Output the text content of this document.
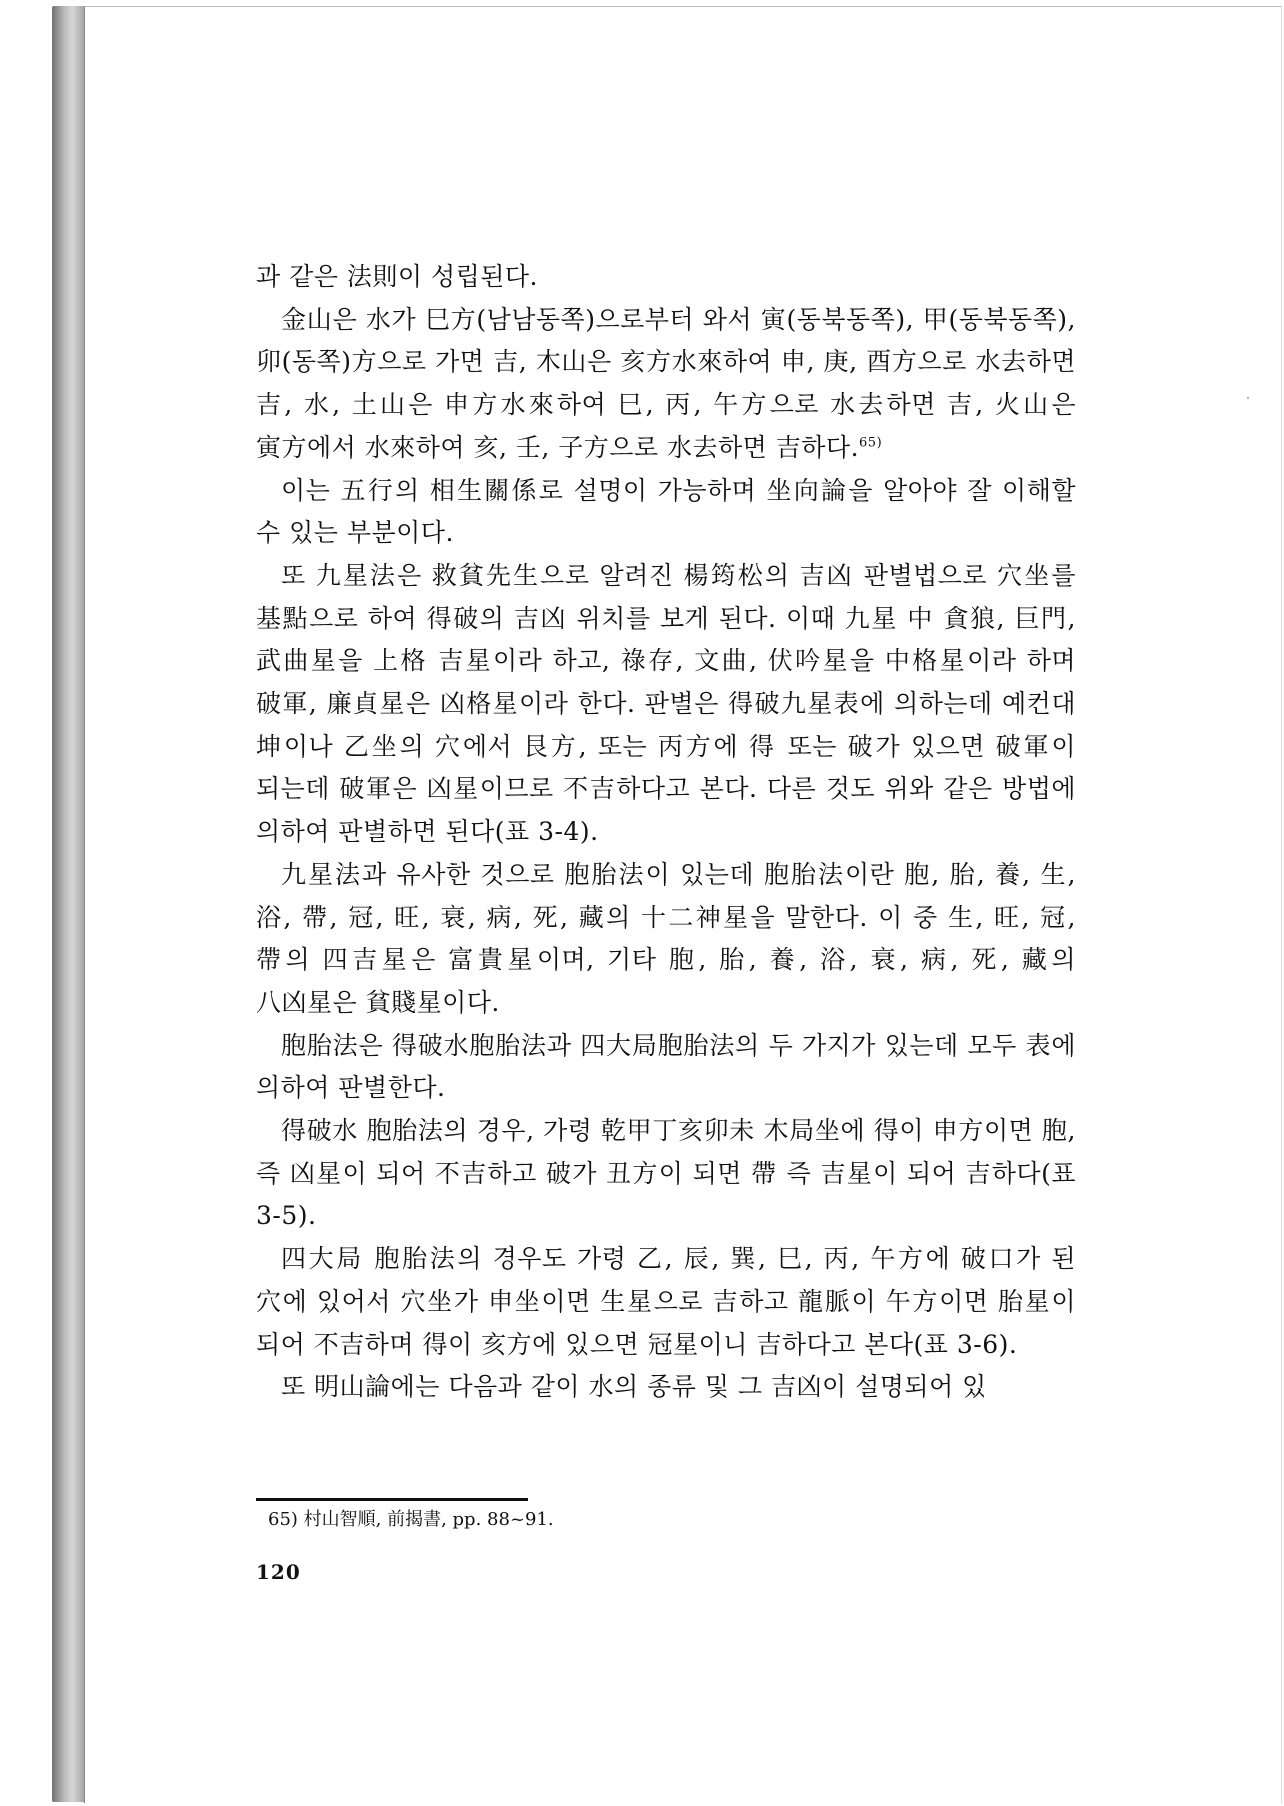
과 같은 法則이 성립된다.

金山은 水가 巳方(남남동쪽)으로부터 와서 寅(동북동쪽), 甲(동북동쪽), 卯(동쪽)方으로 가면 吉, 木山은 亥方水來하여 申, 庚, 酉方으로 水去하면 吉, 水, 土山은 申方水來하여 巳, 丙, 午方으로 水去하면 吉, 火山은 寅方에서 水來하여 亥, 壬, 子方으로 水去하면 吉하다.$^{65)}$

이는 五行의 相生關係로 설명이 가능하며 坐向論을 알아야 잘 이해할 수 있는 부분이다.

또 九星法은 救貧先生으로 알려진 楊筠松의 吉凶 판별법으로 穴坐를 基點으로 하여 得破의 吉凶 위치를 보게 된다. 이때 九星 中 貪狼, 巨門, 武曲星을 上格 吉星이라 하고, 祿存, 文曲, 伏吟星을 中格星이라 하며 破軍, 廉貞星은 凶格星이라 한다. 판별은 得破九星表에 의하는데 예컨대 坤이나 乙坐의 穴에서 艮方, 또는 丙方에 得 또는 破가 있으면 破軍이 되는데 破軍은 凶星이므로 不吉하다고 본다. 다른 것도 위와 같은 방법에 의하여 판별하면 된다(표 3-4).

九星法과 유사한 것으로 胞胎法이 있는데 胞胎法이란 胞, 胎, 養, 生, 浴, 帶, 冠, 旺, 衰, 病, 死, 藏의 十二神星을 말한다. 이 중 生, 旺, 冠, 帶의 四吉星은 富貴星이며, 기타 胞, 胎, 養, 浴, 衰, 病, 死, 藏의 八凶星은 貧賤星이다.

胞胎法은 得破水胞胎法과 四大局胞胎法의 두 가지가 있는데 모두 表에 의하여 판별한다.

得破水 胞胎法의 경우, 가령 乾甲丁亥卯未 木局坐에 得이 申方이면 胞, 즉 凶星이 되어 不吉하고 破가 丑方이 되면 帶 즉 吉星이 되어 吉하다(표 3-5).

四大局 胞胎法의 경우도 가령 乙, 辰, 巽, 巳, 丙, 午方에 破口가 된 穴에 있어서 穴坐가 申坐이면 生星으로 吉하고 龍脈이 午方이면 胎星이 되어 不吉하며 得이 亥方에 있으면 冠星이니 吉하다고 본다(표 3-6).

또 明山論에는 다음과 같이 水의 종류 및 그 吉凶이 설명되어 있

65) 村山智順, 前揭書, pp. 88~91.
120
